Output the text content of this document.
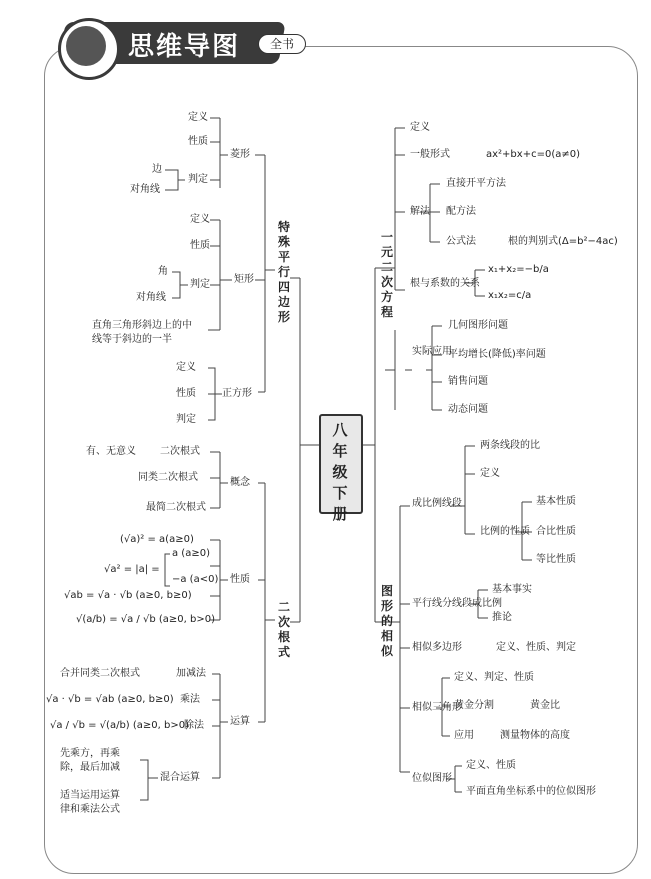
思维导图	全书
八年级下册
特殊平行四边形
定义
性质
判定
菱形
边
对角线
定义
性质
判定 矩形
角
对角线
直角三角形斜边上的中
线等于斜边的一半
定义
性质
判定
正方形
二次根式
概念
有、无意义 二次根式
同类二次根式
最简二次根式
性质
(√a)² = a(a≥0)
√a² = |a| =
a (a≥0)
−a (a<0)
√ab = √a · √b (a≥0, b≥0)
√(a/b) = √a / √b (a≥0, b>0)
运算
合并同类二次根式	加减法
√a · √b = √ab (a≥0, b≥0) 乘法
√a / √b = √(a/b) (a≥0, b>0)
除法
先乘方，再乘
除，最后加减
适当运用运算
律和乘法公式
混合运算
一元二次方程
定义
一般形式	ax²+bx+c=0(a≠0)
解法
直接开平方法
配方法
公式法	根的判别式(Δ=b²−4ac)
根与系数的关系
x₁+x₂=−b/a
x₁x₂=c/a
实际应用
几何图形问题
平均增长(降低)率问题
销售问题
动态问题
图形的相似
成比例线段
两条线段的比
定义
比例的性质
基本性质
合比性质
等比性质
平行线分线段成比例
基本事实
推论
相似多边形	定义、性质、判定
相似三角形
定义、判定、性质
黄金分割	黄金比
应用	测量物体的高度
位似图形
定义、性质
平面直角坐标系中的位似图形
